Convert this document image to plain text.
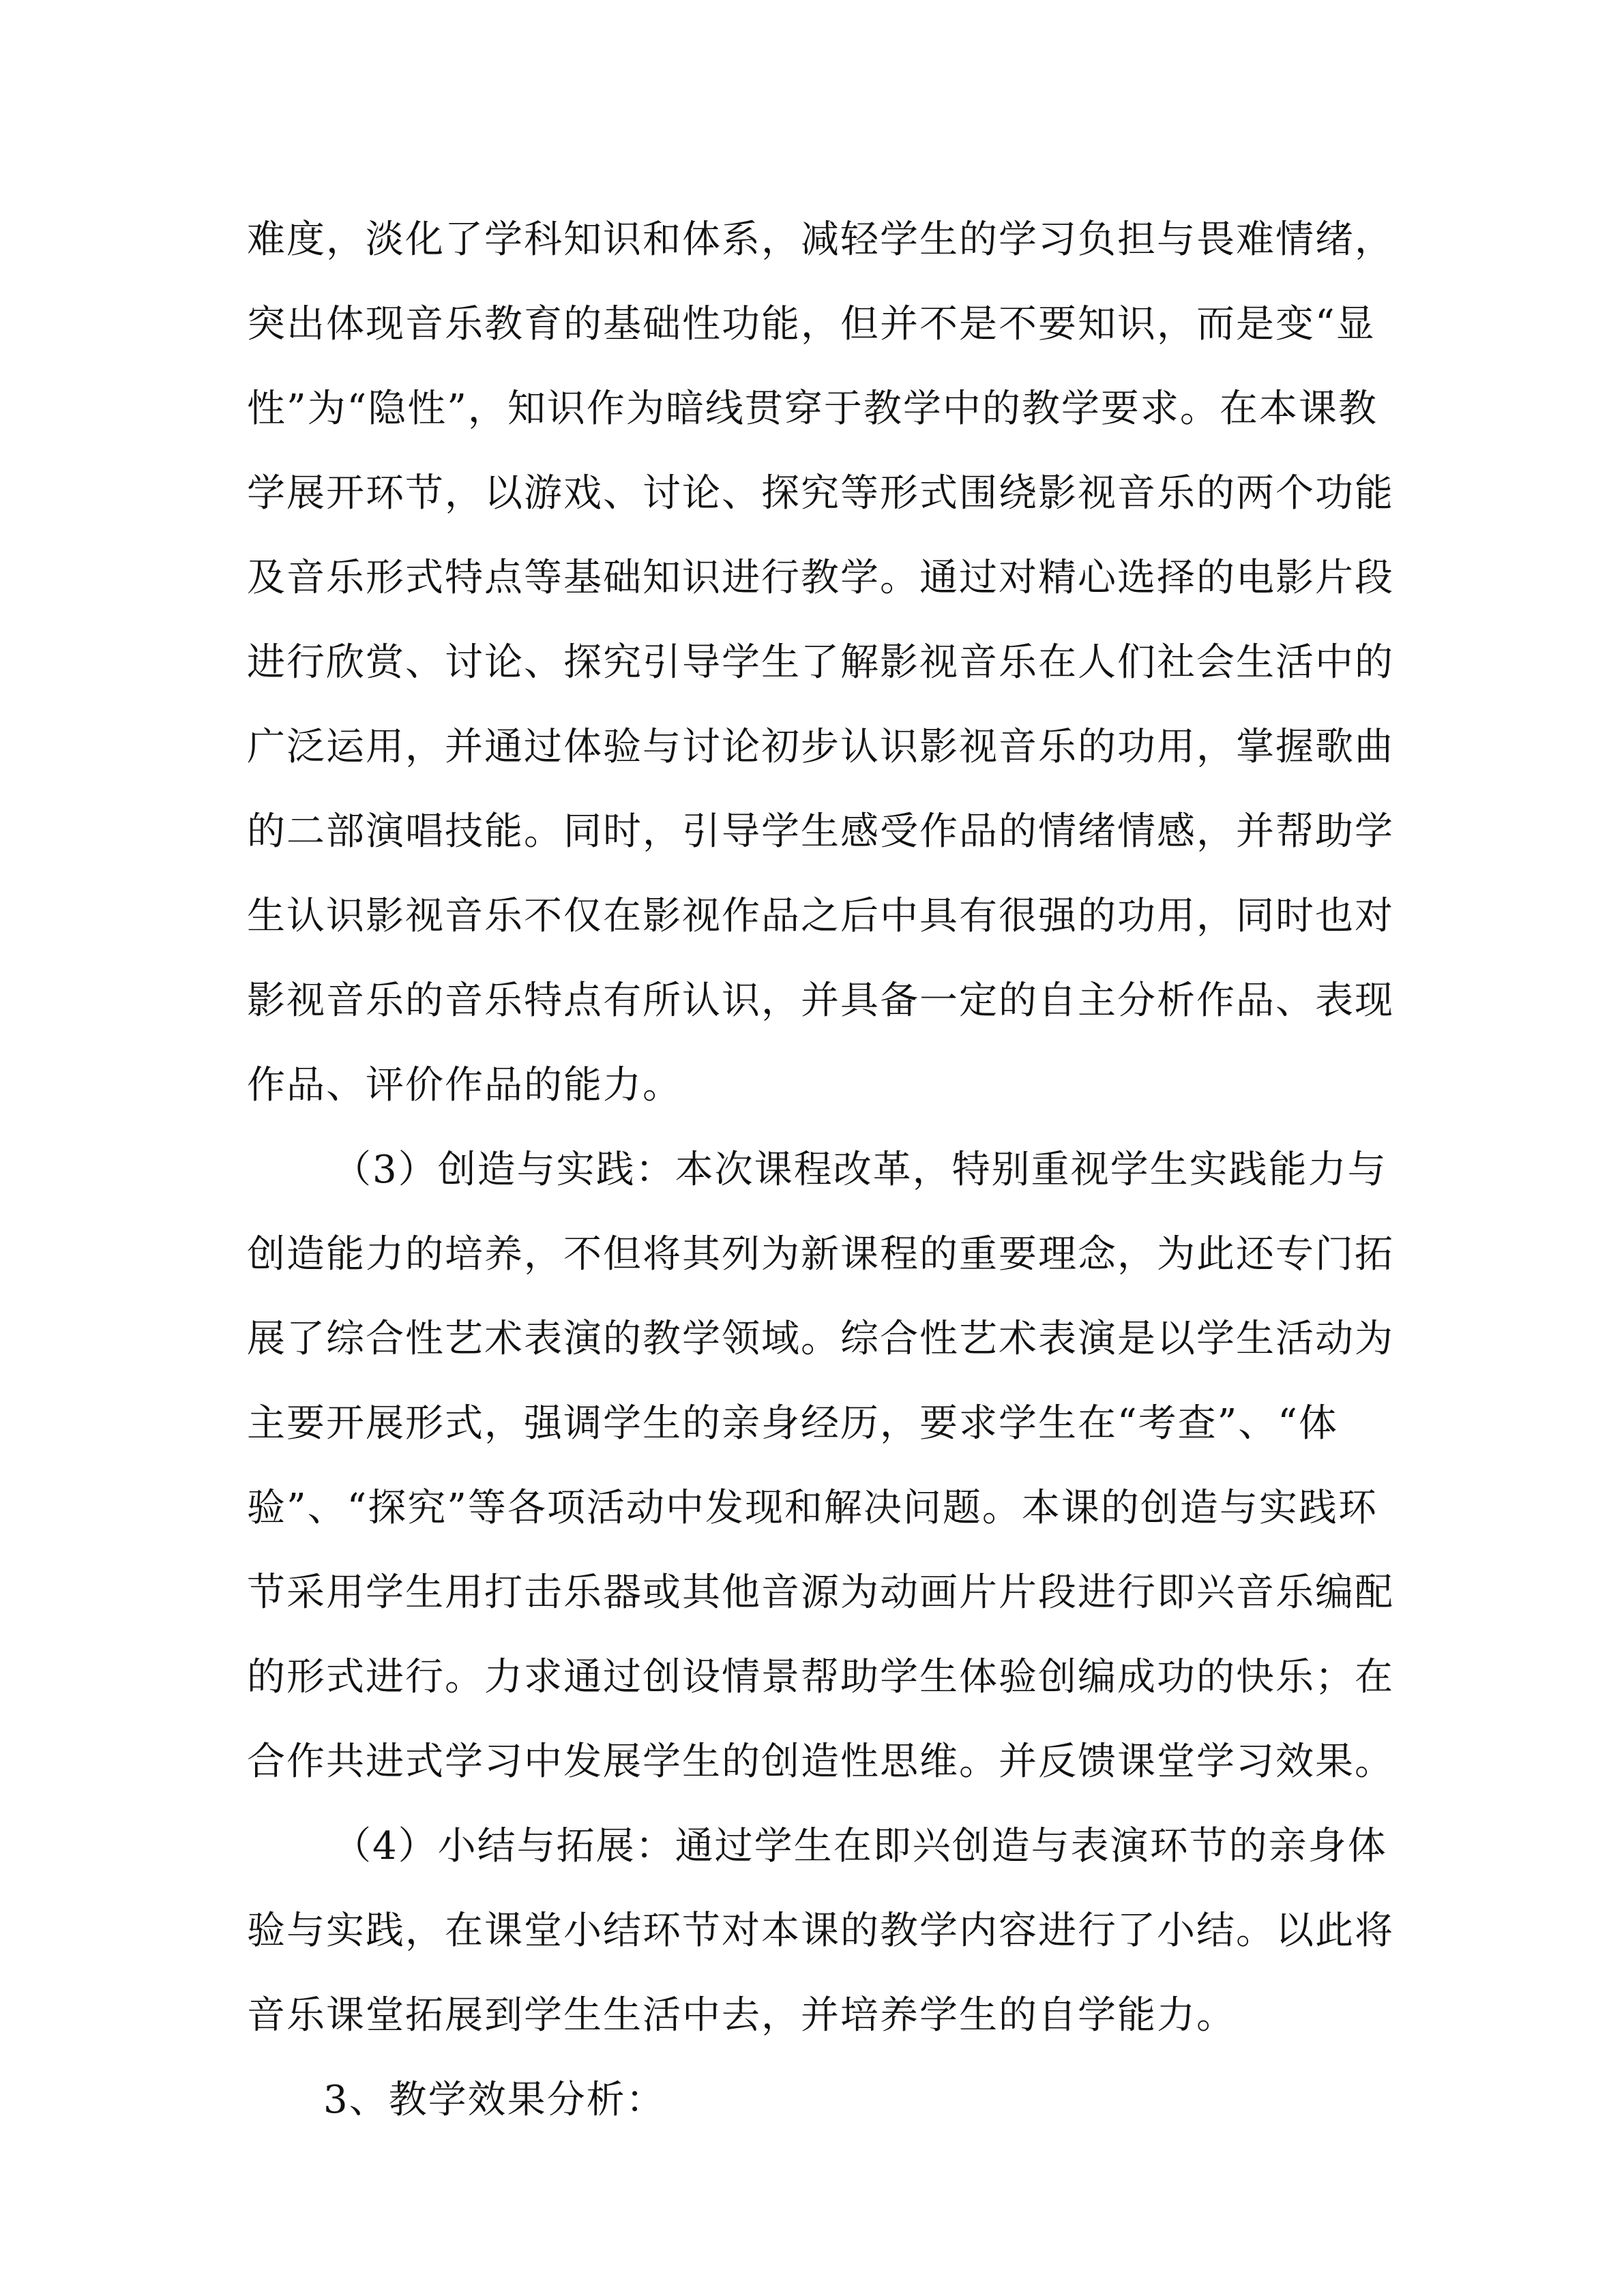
难度，淡化了学科知识和体系，减轻学生的学习负担与畏难情绪，
突出体现音乐教育的基础性功能，但并不是不要知识，而是变“显
性”为“隐性”，知识作为暗线贯穿于教学中的教学要求。在本课教
学展开环节，以游戏、讨论、探究等形式围绕影视音乐的两个功能
及音乐形式特点等基础知识进行教学。通过对精心选择的电影片段
进行欣赏、讨论、探究引导学生了解影视音乐在人们社会生活中的
广泛运用，并通过体验与讨论初步认识影视音乐的功用，掌握歌曲
的二部演唱技能。同时，引导学生感受作品的情绪情感，并帮助学
生认识影视音乐不仅在影视作品之后中具有很强的功用，同时也对
影视音乐的音乐特点有所认识，并具备一定的自主分析作品、表现
作品、评价作品的能力。
（3）创造与实践：本次课程改革，特别重视学生实践能力与
创造能力的培养，不但将其列为新课程的重要理念，为此还专门拓
展了综合性艺术表演的教学领域。综合性艺术表演是以学生活动为
主要开展形式，强调学生的亲身经历，要求学生在“考查”、“体
验”、“探究”等各项活动中发现和解决问题。本课的创造与实践环
节采用学生用打击乐器或其他音源为动画片片段进行即兴音乐编配
的形式进行。力求通过创设情景帮助学生体验创编成功的快乐；在
合作共进式学习中发展学生的创造性思维。并反馈课堂学习效果。
（4）小结与拓展：通过学生在即兴创造与表演环节的亲身体
验与实践，在课堂小结环节对本课的教学内容进行了小结。以此将
音乐课堂拓展到学生生活中去，并培养学生的自学能力。
3、教学效果分析：
